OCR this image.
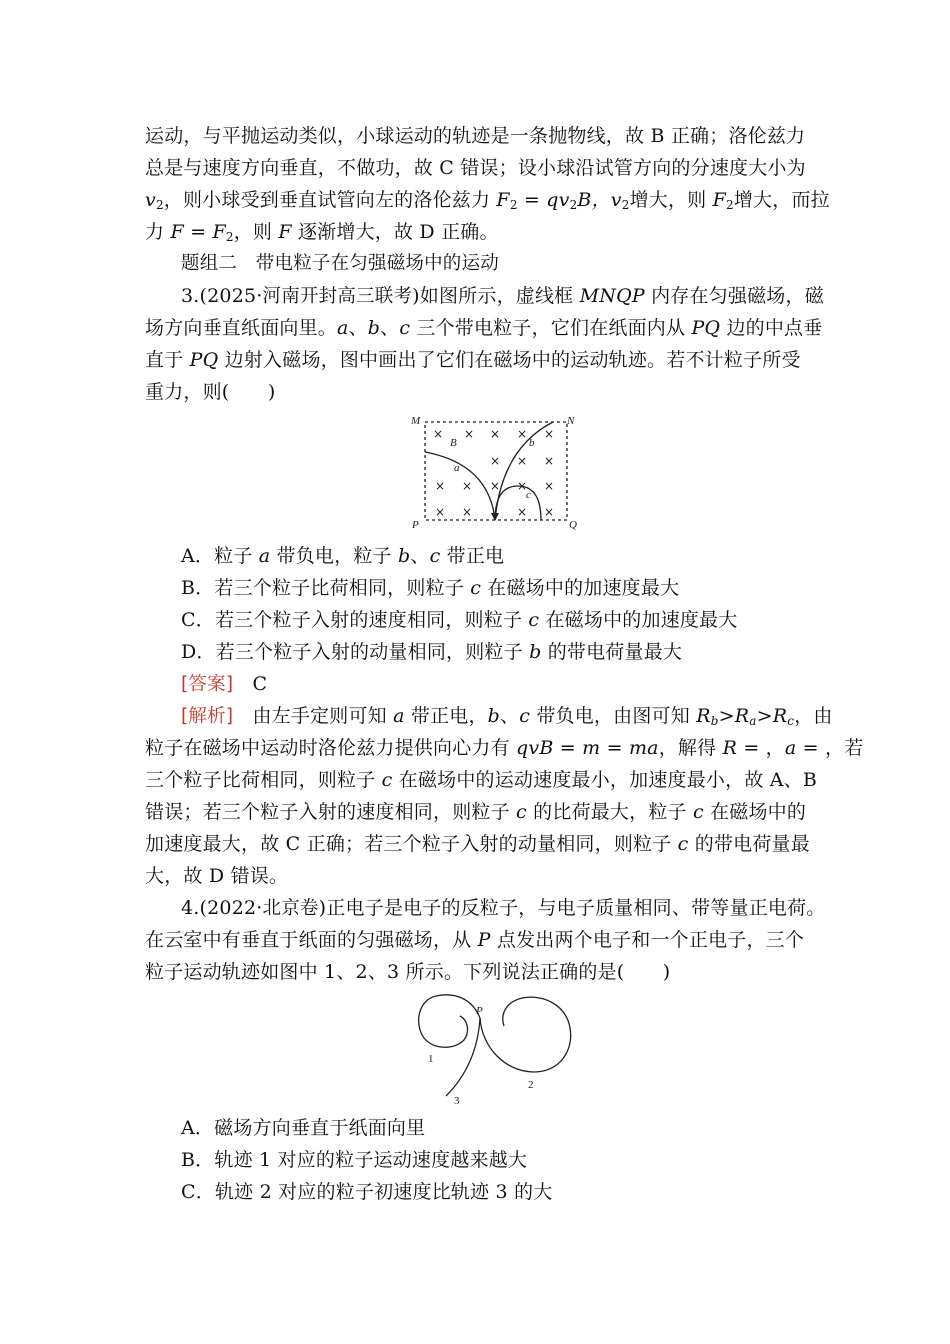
运动，与平抛运动类似，小球运动的轨迹是一条抛物线，故 B 正确；洛伦兹力
总是与速度方向垂直，不做功，故 C 错误；设小球沿试管方向的分速度大小为
$v_2$，则小球受到垂直试管向左的洛伦兹力 $F_2 = qv_2B$，$v_2$增大，则 $F_2$增大，而拉
力 $F = F_2$，则 F 逐渐增大，故 D 正确。
题组二　带电粒子在匀强磁场中的运动
3.(2025·河南开封高三联考)如图所示，虚线框 MNQP 内存在匀强磁场，磁
场方向垂直纸面向里。a、b、c 三个带电粒子，它们在纸面内从 PQ 边的中点垂
直于 PQ 边射入磁场，图中画出了它们在磁场中的运动轨迹。若不计粒子所受
重力，则(　　)
M	N
P	Q
× × × × ×
× × ×
× × × × ×
× ×	× ×
B
a
b
c
A．粒子 a 带负电，粒子 b、c 带正电
B．若三个粒子比荷相同，则粒子 c 在磁场中的加速度最大
C．若三个粒子入射的速度相同，则粒子 c 在磁场中的加速度最大
D．若三个粒子入射的动量相同，则粒子 b 的带电荷量最大
[答案]　 C
[解析]　 由左手定则可知 a 带正电，b、c 带负电，由图可知 $R_b>R_a>R_c$，由
粒子在磁场中运动时洛伦兹力提供向心力有 qvB = m = ma，解得 R = ，a = ，若
三个粒子比荷相同，则粒子 c 在磁场中的运动速度最小，加速度最小，故 A、B
错误；若三个粒子入射的速度相同，则粒子 c 的比荷最大，粒子 c 在磁场中的
加速度最大，故 C 正确；若三个粒子入射的动量相同，则粒子 c 的带电荷量最
大，故 D 错误。
4.(2022·北京卷)正电子是电子的反粒子，与电子质量相同、带等量正电荷。
在云室中有垂直于纸面的匀强磁场，从 P 点发出两个电子和一个正电子，三个
粒子运动轨迹如图中 1、2、3 所示。下列说法正确的是(　　)
P
1
2
3
A．磁场方向垂直于纸面向里
B．轨迹 1 对应的粒子运动速度越来越大
C．轨迹 2 对应的粒子初速度比轨迹 3 的大
